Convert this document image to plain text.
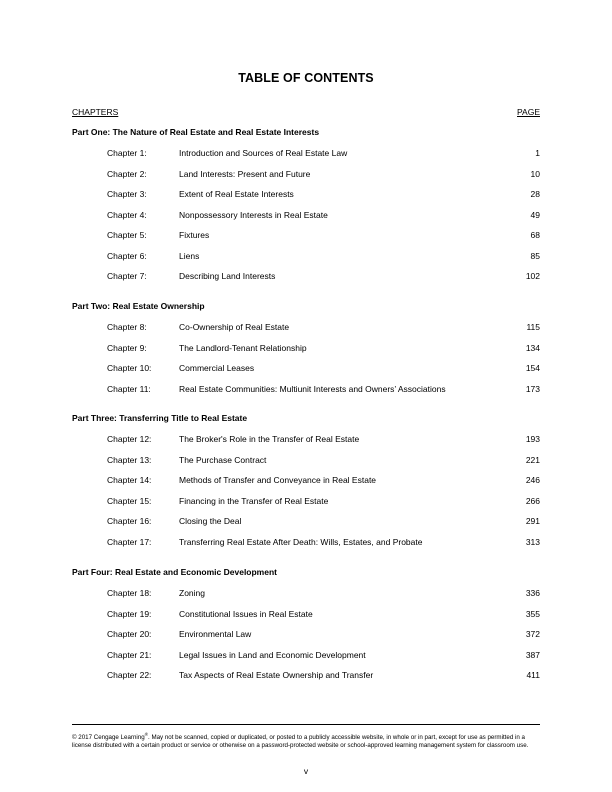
TABLE OF CONTENTS
CHAPTERS	PAGE
Part One: The Nature of Real Estate and Real Estate Interests
Chapter 1:	Introduction and Sources of Real Estate Law	1
Chapter 2:	Land Interests: Present and Future	10
Chapter 3:	Extent of Real Estate Interests	28
Chapter 4:	Nonpossessory Interests in Real Estate	49
Chapter 5:	Fixtures	68
Chapter 6:	Liens	85
Chapter 7:	Describing Land Interests	102
Part Two: Real Estate Ownership
Chapter 8:	Co-Ownership of Real Estate	115
Chapter 9:	The Landlord-Tenant Relationship	134
Chapter 10:	Commercial Leases	154
Chapter 11:	Real Estate Communities: Multiunit Interests and Owners’ Associations	173
Part Three: Transferring Title to Real Estate
Chapter 12:	The Broker's Role in the Transfer of Real Estate	193
Chapter 13:	The Purchase Contract	221
Chapter 14:	Methods of Transfer and Conveyance in Real Estate	246
Chapter 15:	Financing in the Transfer of Real Estate	266
Chapter 16:	Closing the Deal	291
Chapter 17:	Transferring Real Estate After Death: Wills, Estates, and Probate	313
Part Four: Real Estate and Economic Development
Chapter 18:	Zoning	336
Chapter 19:	Constitutional Issues in Real Estate	355
Chapter 20:	Environmental Law	372
Chapter 21:	Legal Issues in Land and Economic Development	387
Chapter 22:	Tax Aspects of Real Estate Ownership and Transfer	411
© 2017 Cengage Learning®. May not be scanned, copied or duplicated, or posted to a publicly accessible website, in whole or in part, except for use as permitted in a license distributed with a certain product or service or otherwise on a password-protected website or school-approved learning management system for classroom use.
v
